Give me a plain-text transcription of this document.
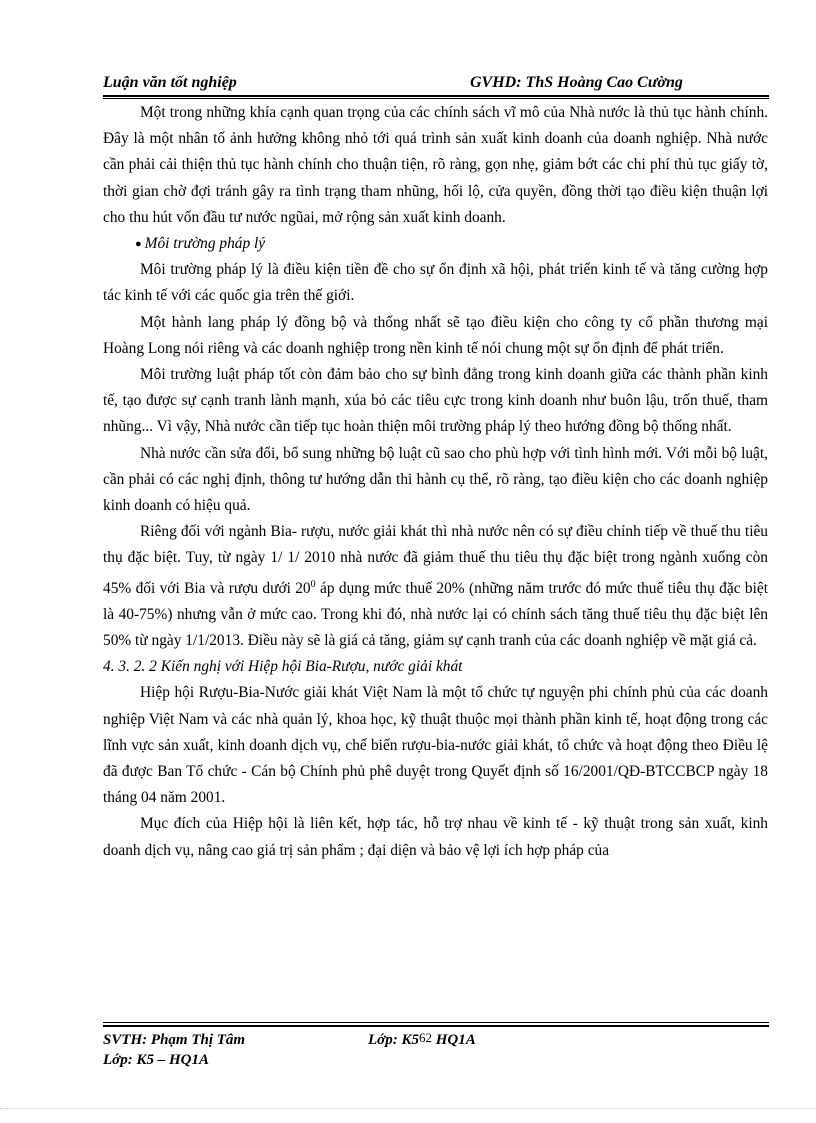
Luận văn tốt nghiệp	GVHD: ThS Hoàng Cao Cường

Một trong những khía cạnh quan trọng của các chính sách vĩ mô của Nhà nước là thủ tục hành chính. Đây là một nhân tố ảnh hưởng không nhỏ tới quá trình sản xuất kinh doanh của doanh nghiệp. Nhà nước cần phải cải thiện thủ tục hành chính cho thuận tiện, rõ ràng, gọn nhẹ, giảm bớt các chi phí thủ tục giấy tờ, thời gian chờ đợi tránh gây ra tình trạng tham nhũng, hối lộ, cửa quyền, đồng thời tạo điều kiện thuận lợi cho thu hút vốn đầu tư nước ngũai, mở rộng sản xuất kinh doanh.

● Môi trường pháp lý

Môi trường pháp lý là điều kiện tiền đề cho sự ổn định xã hội, phát triển kinh tế và tăng cường hợp tác kinh tế với các quốc gia trên thế giới.

Một hành lang pháp lý đồng bộ và thống nhất sẽ tạo điều kiện cho công ty cổ phần thương mại Hoàng Long nói riêng và các doanh nghiệp trong nền kinh tế nói chung một sự ổn định để phát triển.

Môi trường luật pháp tốt còn đảm bảo cho sự bình đẳng trong kinh doanh giữa các thành phần kinh tế, tạo được sự cạnh tranh lành mạnh, xúa bỏ các tiêu cực trong kinh doanh như buôn lậu, trốn thuế, tham nhũng... Vì vậy, Nhà nước cần tiếp tục hoàn thiện môi trường pháp lý theo hướng đồng bộ thống nhất.

Nhà nước cần sửa đổi, bổ sung những bộ luật cũ sao cho phù hợp với tình hình mới. Với mỗi bộ luật, cần phải có các nghị định, thông tư hướng dẫn thi hành cụ thể, rõ ràng, tạo điều kiện cho các doanh nghiệp kinh doanh có hiệu quả.

Riêng đối với ngành Bia- rượu, nước giải khát thì nhà nước nên có sự điều chỉnh tiếp về thuế thu tiêu thụ đặc biệt. Tuy, từ ngày 1/ 1/ 2010 nhà nước đã giảm thuế thu tiêu thụ đặc biệt trong ngành xuống còn 45% đối với Bia và rượu dưới $20^0$ áp dụng mức thuế 20% (những năm trước đó mức thuế tiêu thụ đặc biệt là 40-75%) nhưng vẫn ở mức cao. Trong khi đó, nhà nước lại có chính sách tăng thuế tiêu thụ đặc biệt lên 50% từ ngày 1/1/2013. Điều này sẽ là giá cả tăng, giảm sự cạnh tranh của các doanh nghiệp về mặt giá cả.

4. 3. 2. 2 Kiến nghị với Hiệp hội Bia-Rượu, nước giải khát

Hiệp hội Rượu-Bia-Nước giải khát Việt Nam là một tổ chức tự nguyện phi chính phủ của các doanh nghiệp Việt Nam và các nhà quản lý, khoa học, kỹ thuật thuộc mọi thành phần kinh tế, hoạt động trong các lĩnh vực sản xuất, kinh doanh dịch vụ, chế biến rượu-bia-nước giải khát, tổ chức và hoạt động theo Điều lệ đã được Ban Tổ chức - Cán bộ Chính phủ phê duyệt trong Quyết định số 16/2001/QĐ-BTCCBCP ngày 18 tháng 04 năm 2001.

Mục đích của Hiệp hội là liên kết, hợp tác, hỗ trợ nhau về kinh tế - kỹ thuật trong sản xuất, kinh doanh dịch vụ, nâng cao giá trị sản phẩm ; đại diện và bảo vệ lợi ích hợp pháp của

SVTH: Phạm Thị Tâm	Lớp: K562 HQ1A
Lớp: K5 – HQ1A
